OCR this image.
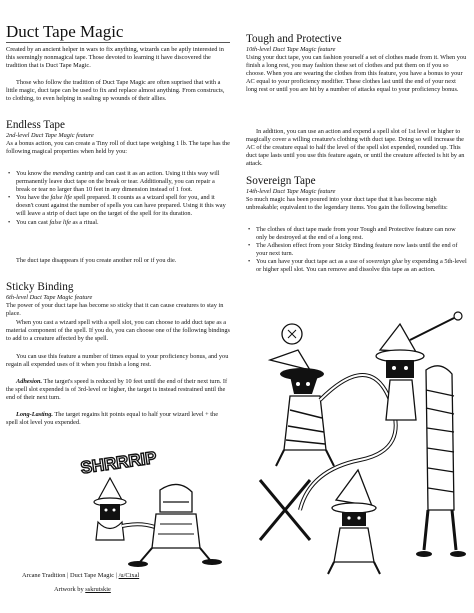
Duct Tape Magic

Created by an ancient helper in wars to fix anything, wizards can be aptly interested in this seemingly nonmagical tape. Those devoted to learning it have discovered the tradition that is Duct Tape Magic.

Those who follow the tradition of Duct Tape Magic are often suprised that with a little magic, duct tape can be used to fix and replace almost anything. From constructs, to clothing, to even helping in sealing up wounds of their allies.

Endless Tape

2nd-level Duct Tape Magic feature

As a bonus action, you can create a Tiny roll of duct tape weighing 1 lb. The tape has the following magical properties when held by you:

• You know the mending cantrip and can cast it as an action. Using it this way will permanently leave duct tape on the break or tear. Additionally, you can repair a break or tear no larger than 10 feet in any dimension instead of 1 foot.
• You have the false life spell prepared. It counts as a wizard spell for you, and it doesn't count against the number of spells you can have prepared. Using it this way will leave a strip of duct tape on the target of the spell for its duration.
• You can cast false life as a ritual.

The duct tape disappears if you create another roll or if you die.

Sticky Binding

6th-level Duct Tape Magic feature

The power of your duct tape has become so sticky that it can cause creatures to stay in place.

When you cast a wizard spell with a spell slot, you can choose to add duct tape as a material component of the spell. If you do, you can choose one of the following bindings to add to a creature affected by the spell.

You can use this feature a number of times equal to your proficiency bonus, and you regain all expended uses of it when you finish a long rest.

Adhesion. The target's speed is reduced by 10 feet until the end of their next turn. If the spell slot expended is of 3rd-level or higher, the target is instead restrained until the end of their next turn.

Long-Lasting. The target regains hit points equal to half your wizard level + the spell slot level you expended.

SHRRRIP
Arcane Tradition | Duct Tape Magic | /u/Cixal
Artwork by sskrutskie
Tough and Protective

10th-level Duct Tape Magic feature

Using your duct tape, you can fashion yourself a set of clothes made from it. When you finish a long rest, you may fashion these set of clothes and put them on if you so choose. When you are wearing the clothes from this feature, you have a bonus to your AC equal to your proficiency modifier. These clothes last until the end of your next long rest or until you are hit by a number of attacks equal to your proficiency bonus.

In addition, you can use an action and expend a spell slot of 1st level or higher to magically cover a willing creature's clothing with duct tape. Doing so will increase the AC of the creature equal to half the level of the spell slot expended, rounded up. This duct tape lasts until you use this feature again, or until the creature affected is hit by an attack.

Sovereign Tape

14th-level Duct Tape Magic feature

So much magic has been poured into your duct tape that it has become nigh unbreakable; equivalent to the legendary items. You gain the following benefits:

• The clothes of duct tape made from your Tough and Protective feature can now only be destroyed at the end of a long rest.
• The Adhesion effect from your Sticky Binding feature now lasts until the end of your next turn.
• You can have your duct tape act as a use of sovereign glue by expending a 5th-level or higher spell slot. You can remove and dissolve this tape as an action.
